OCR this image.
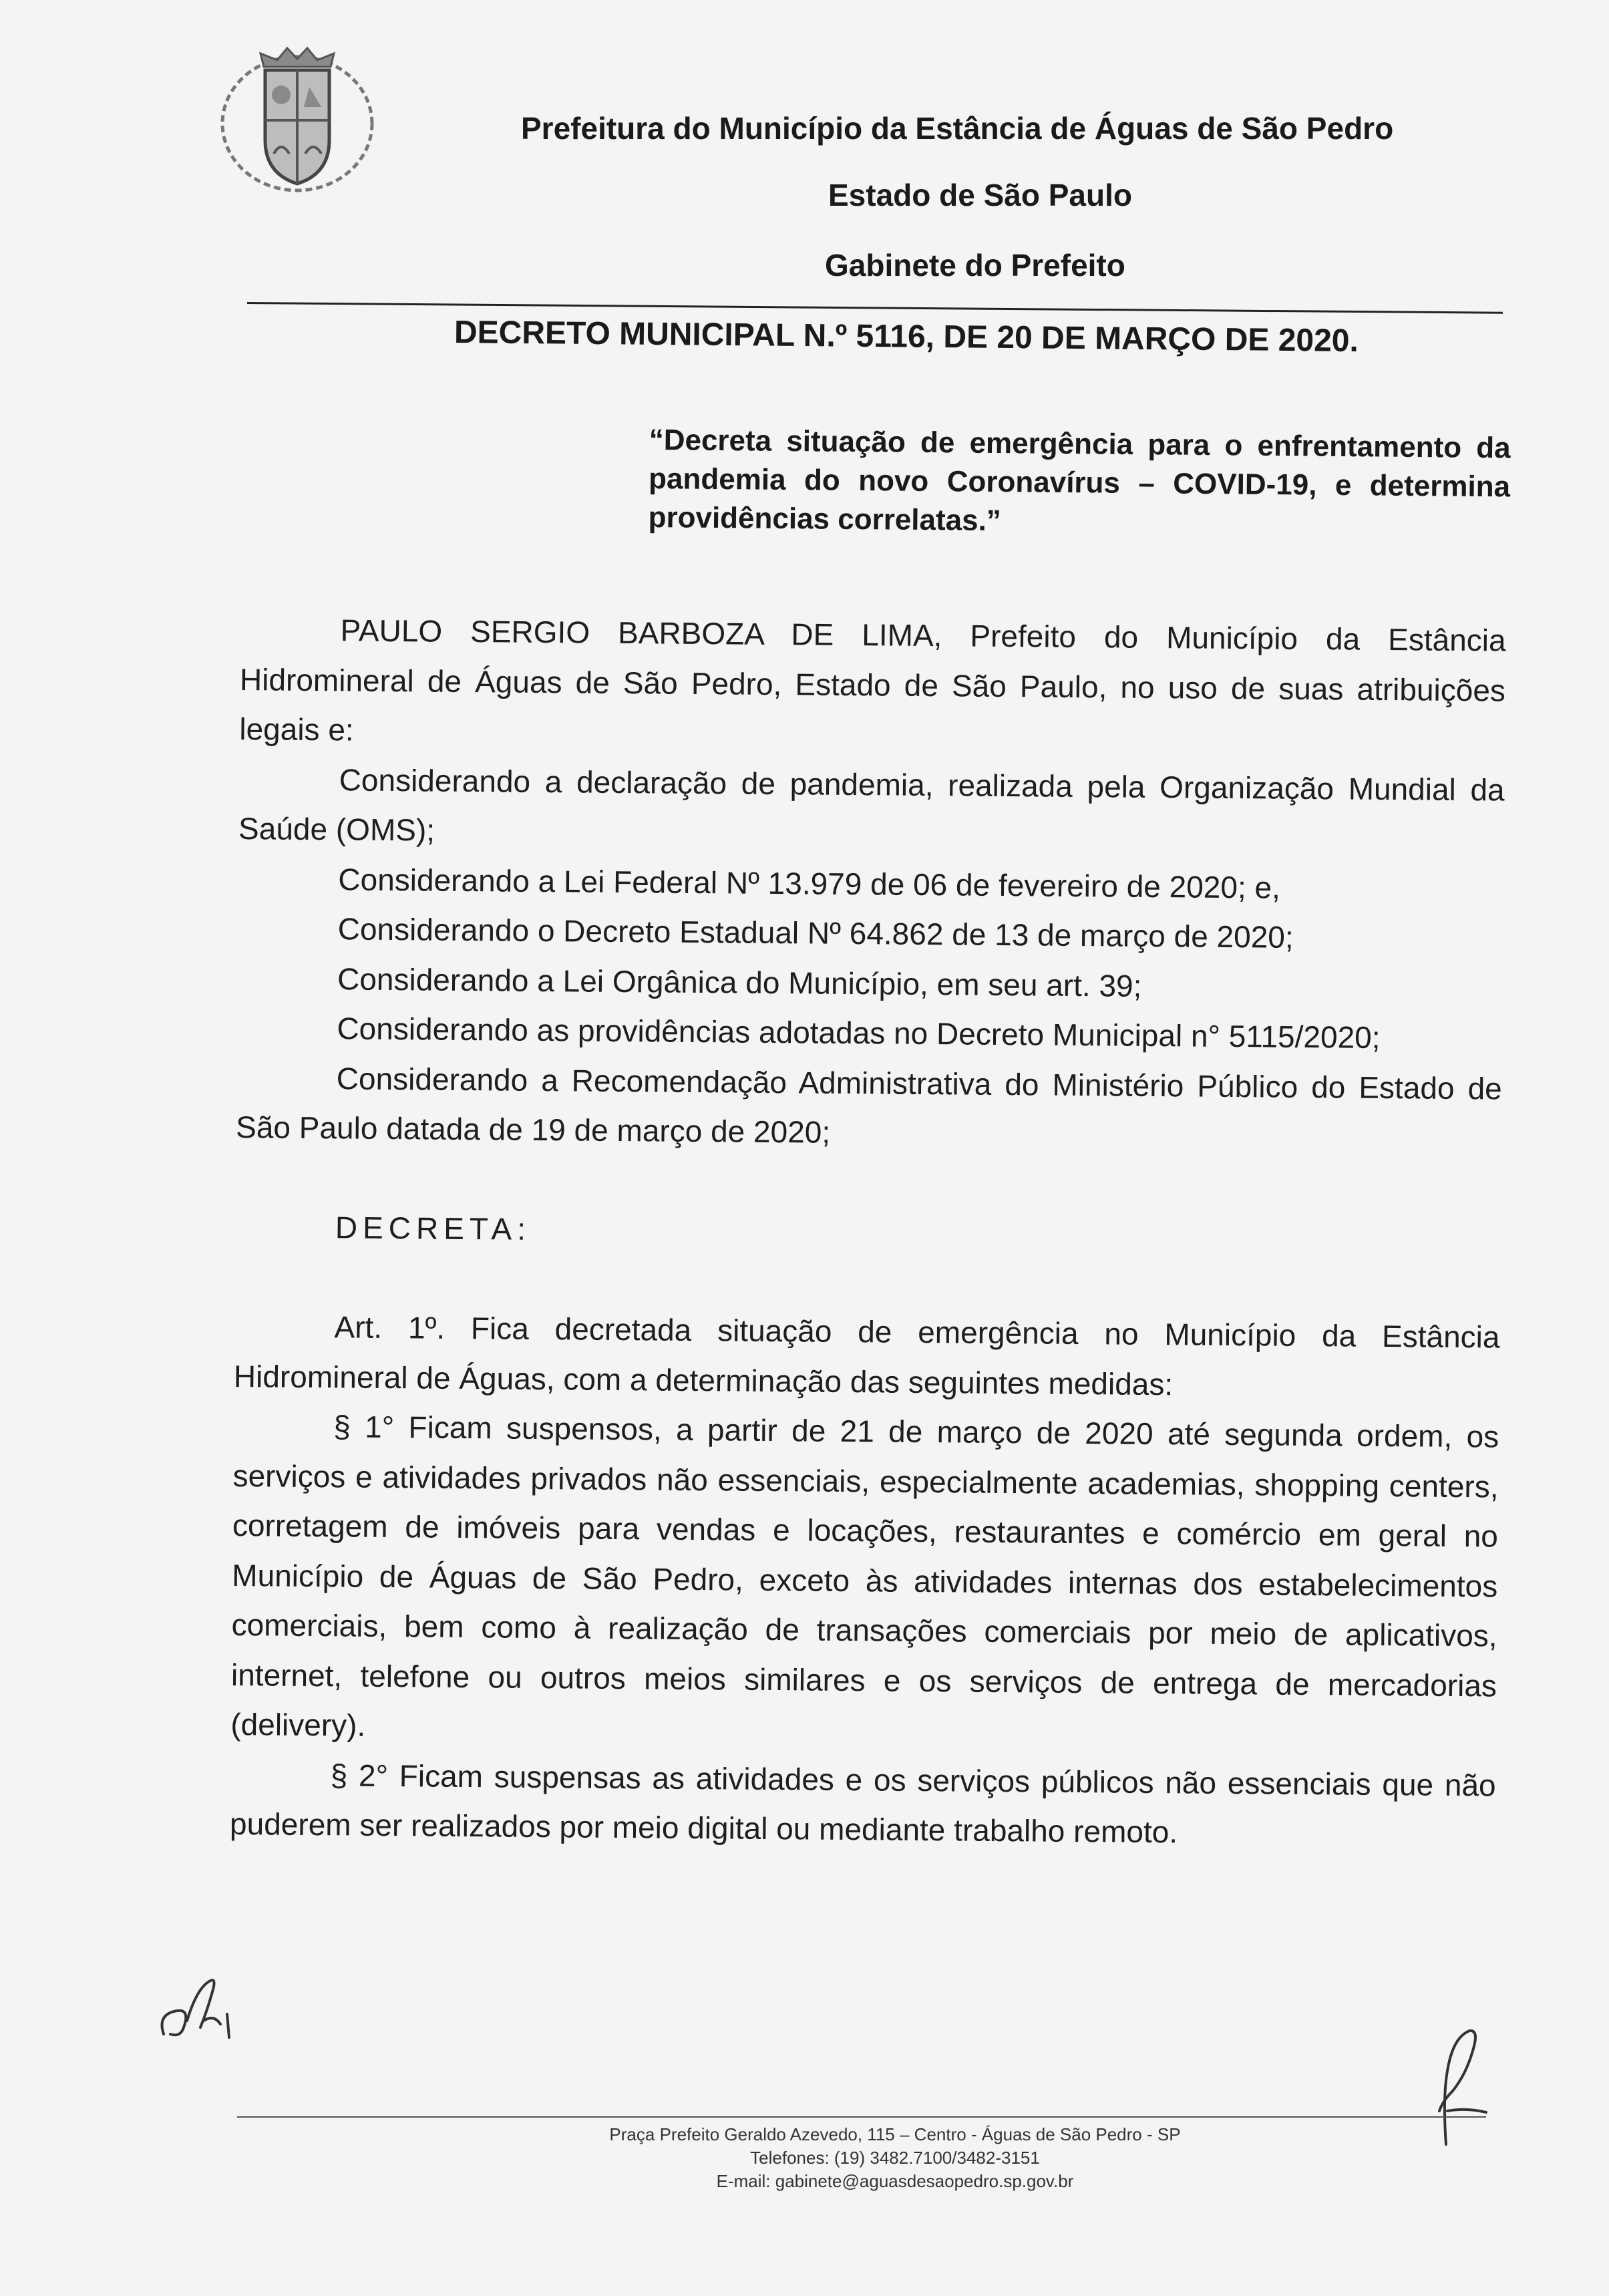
Prefeitura do Município da Estância de Águas de São Pedro
Estado de São Paulo
Gabinete do Prefeito
DECRETO MUNICIPAL N.º 5116, DE 20 DE MARÇO DE 2020.
“Decreta situação de emergência para o enfrentamento da pandemia do novo Coronavírus – COVID-19, e determina providências correlatas.”

PAULO SERGIO BARBOZA DE LIMA, Prefeito do Município da Estância Hidromineral de Águas de São Pedro, Estado de São Paulo, no uso de suas atribuições legais e:

Considerando a declaração de pandemia, realizada pela Organização Mundial da Saúde (OMS);

Considerando a Lei Federal Nº 13.979 de 06 de fevereiro de 2020; e,

Considerando o Decreto Estadual Nº 64.862 de 13 de março de 2020;

Considerando a Lei Orgânica do Município, em seu art. 39;

Considerando as providências adotadas no Decreto Municipal n° 5115/2020;

Considerando a Recomendação Administrativa do Ministério Público do Estado de São Paulo datada de 19 de março de 2020;

DECRETA:

Art. 1º. Fica decretada situação de emergência no Município da Estância Hidromineral de Águas, com a determinação das seguintes medidas:

§ 1° Ficam suspensos, a partir de 21 de março de 2020 até segunda ordem, os serviços e atividades privados não essenciais, especialmente academias, shopping centers, corretagem de imóveis para vendas e locações, restaurantes e comércio em geral no Município de Águas de São Pedro, exceto às atividades internas dos estabelecimentos comerciais, bem como à realização de transações comerciais por meio de aplicativos, internet, telefone ou outros meios similares e os serviços de entrega de mercadorias (delivery).

§ 2° Ficam suspensas as atividades e os serviços públicos não essenciais que não puderem ser realizados por meio digital ou mediante trabalho remoto.

Praça Prefeito Geraldo Azevedo, 115 – Centro - Águas de São Pedro - SP
Telefones: (19) 3482.7100/3482-3151
E-mail: gabinete@aguasdesaopedro.sp.gov.br
